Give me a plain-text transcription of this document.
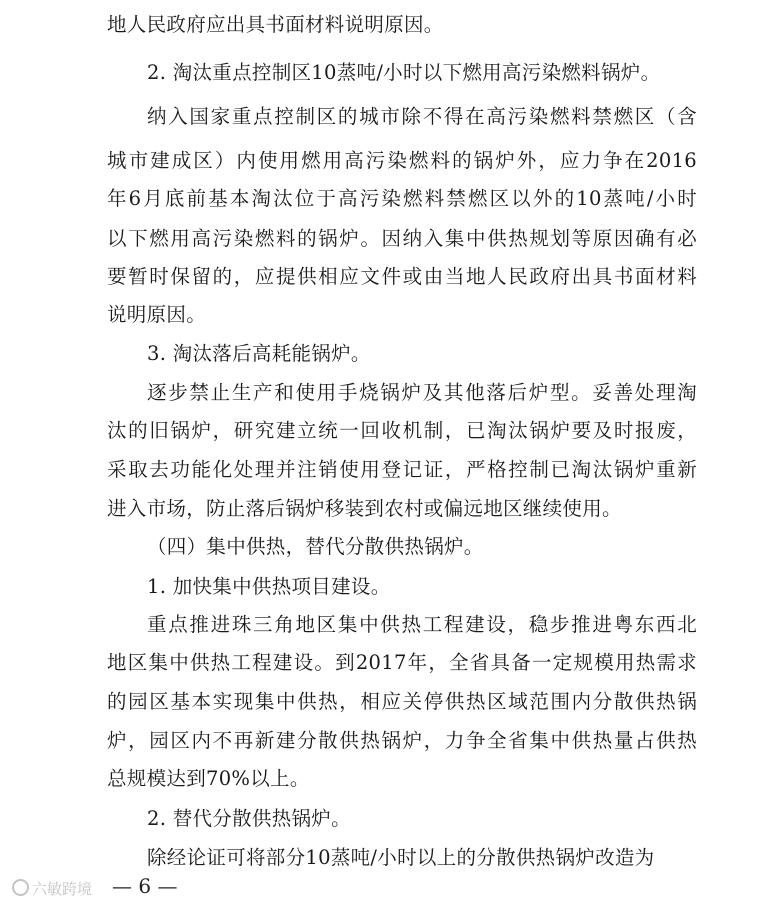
地人民政府应出具书面材料说明原因。
2. 淘汰重点控制区10蒸吨/小时以下燃用高污染燃料锅炉。
纳入国家重点控制区的城市除不得在高污染燃料禁燃区（含
城市建成区）内使用燃用高污染燃料的锅炉外，应力争在2016
年6月底前基本淘汰位于高污染燃料禁燃区以外的10蒸吨/小时
以下燃用高污染燃料的锅炉。因纳入集中供热规划等原因确有必
要暂时保留的，应提供相应文件或由当地人民政府出具书面材料
说明原因。
3. 淘汰落后高耗能锅炉。
逐步禁止生产和使用手烧锅炉及其他落后炉型。妥善处理淘
汰的旧锅炉，研究建立统一回收机制，已淘汰锅炉要及时报废，
采取去功能化处理并注销使用登记证，严格控制已淘汰锅炉重新
进入市场，防止落后锅炉移装到农村或偏远地区继续使用。
（四）集中供热，替代分散供热锅炉。
1. 加快集中供热项目建设。
重点推进珠三角地区集中供热工程建设，稳步推进粤东西北
地区集中供热工程建设。到2017年，全省具备一定规模用热需求
的园区基本实现集中供热，相应关停供热区域范围内分散供热锅
炉，园区内不再新建分散供热锅炉，力争全省集中供热量占供热
总规模达到70%以上。
2. 替代分散供热锅炉。
除经论证可将部分10蒸吨/小时以上的分散供热锅炉改造为
六敏跨境 — 6 —
